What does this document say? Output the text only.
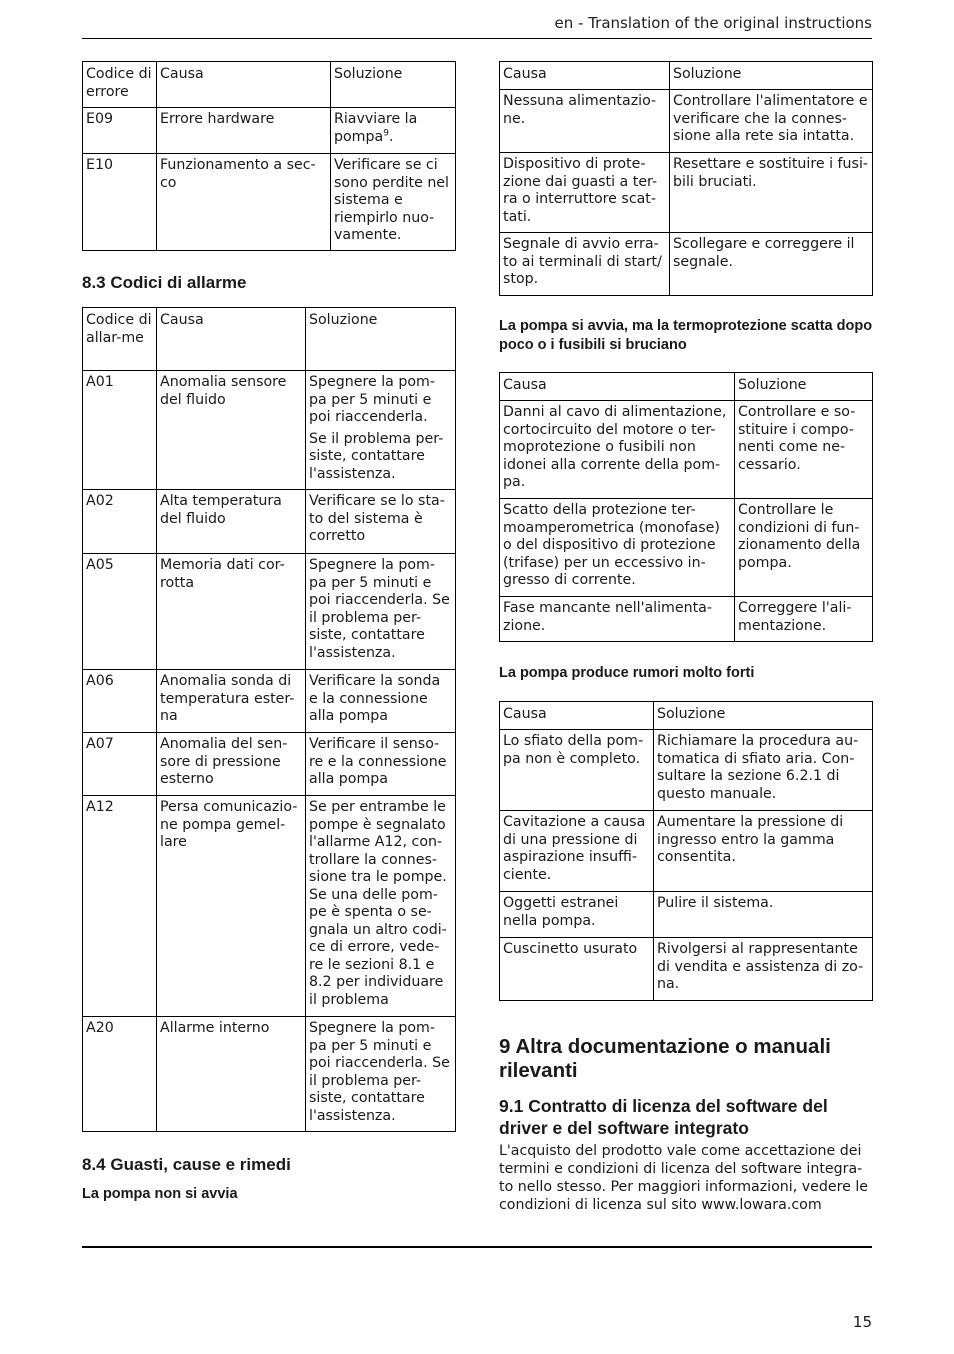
en - Translation of the original instructions
15
Codice di errore	Causa	Soluzione
E09	Errore hardware	Riavviare la pompa$^9$.
E10	Funzionamento a sec-co	Verificare se ci sono perdite nel sistema e riempirlo nuo-vamente.
8.3 Codici di allarme
Codice di allar-me	Causa	Soluzione
A01	Anomalia sensore del fluido	Spegnere la pom-pa per 5 minuti e poi riaccenderla.
Se il problema per-siste, contattare l'assistenza.

A02	Alta temperatura del fluido	Verificare se lo sta-to del sistema è corretto
A05	Memoria dati cor-rotta	Spegnere la pom-pa per 5 minuti e poi riaccenderla. Se il problema per-siste, contattare l'assistenza.
A06	Anomalia sonda di temperatura ester-na	Verificare la sonda e la connessione alla pompa
A07	Anomalia del sen-sore di pressione esterno	Verificare il senso-re e la connessione alla pompa
A12	Persa comunicazio-ne pompa gemel-lare	Se per entrambe le pompe è segnalato l'allarme A12, con-trollare la connes-sione tra le pompe. Se una delle pom-pe è spenta o se-gnala un altro codi-ce di errore, vede-re le sezioni 8.1 e 8.2 per individuare il problema
A20	Allarme interno	Spegnere la pom-pa per 5 minuti e poi riaccenderla. Se il problema per-siste, contattare l'assistenza.
8.4 Guasti, cause e rimedi
La pompa non si avvia
Causa	Soluzione
Nessuna alimentazio-ne.	Controllare l'alimentatore e verificare che la connes-sione alla rete sia intatta.
Dispositivo di prote-zione dai guasti a ter-ra o interruttore scat-tati.	Resettare e sostituire i fusi-bili bruciati.
Segnale di avvio erra-to ai terminali di start/ stop.	Scollegare e correggere il segnale.
La pompa si avvia, ma la termoprotezione scatta dopo poco o i fusibili si bruciano
Causa	Soluzione
Danni al cavo di alimentazione, cortocircuito del motore o ter-moprotezione o fusibili non idonei alla corrente della pom-pa.	Controllare e so-stituire i compo-nenti come ne-cessario.
Scatto della protezione ter-moamperometrica (monofase) o del dispositivo di protezione (trifase) per un eccessivo in-gresso di corrente.	Controllare le condizioni di fun-zionamento della pompa.
Fase mancante nell'alimenta-zione.	Correggere l'ali-mentazione.
La pompa produce rumori molto forti
Causa	Soluzione
Lo sfiato della pom-pa non è completo.	Richiamare la procedura au-tomatica di sfiato aria. Con-sultare la sezione 6.2.1 di questo manuale.
Cavitazione a causa di una pressione di aspirazione insuffi-ciente.	Aumentare la pressione di ingresso entro la gamma consentita.
Oggetti estranei nella pompa.	Pulire il sistema.
Cuscinetto usurato	Rivolgersi al rappresentante di vendita e assistenza di zo-na.
9 Altra documentazione o manuali rilevanti
9.1 Contratto di licenza del software del driver e del software integrato

L'acquisto del prodotto vale come accettazione dei termini e condizioni di licenza del software integra-to nello stesso. Per maggiori informazioni, vedere le condizioni di licenza sul sito www.lowara.com
